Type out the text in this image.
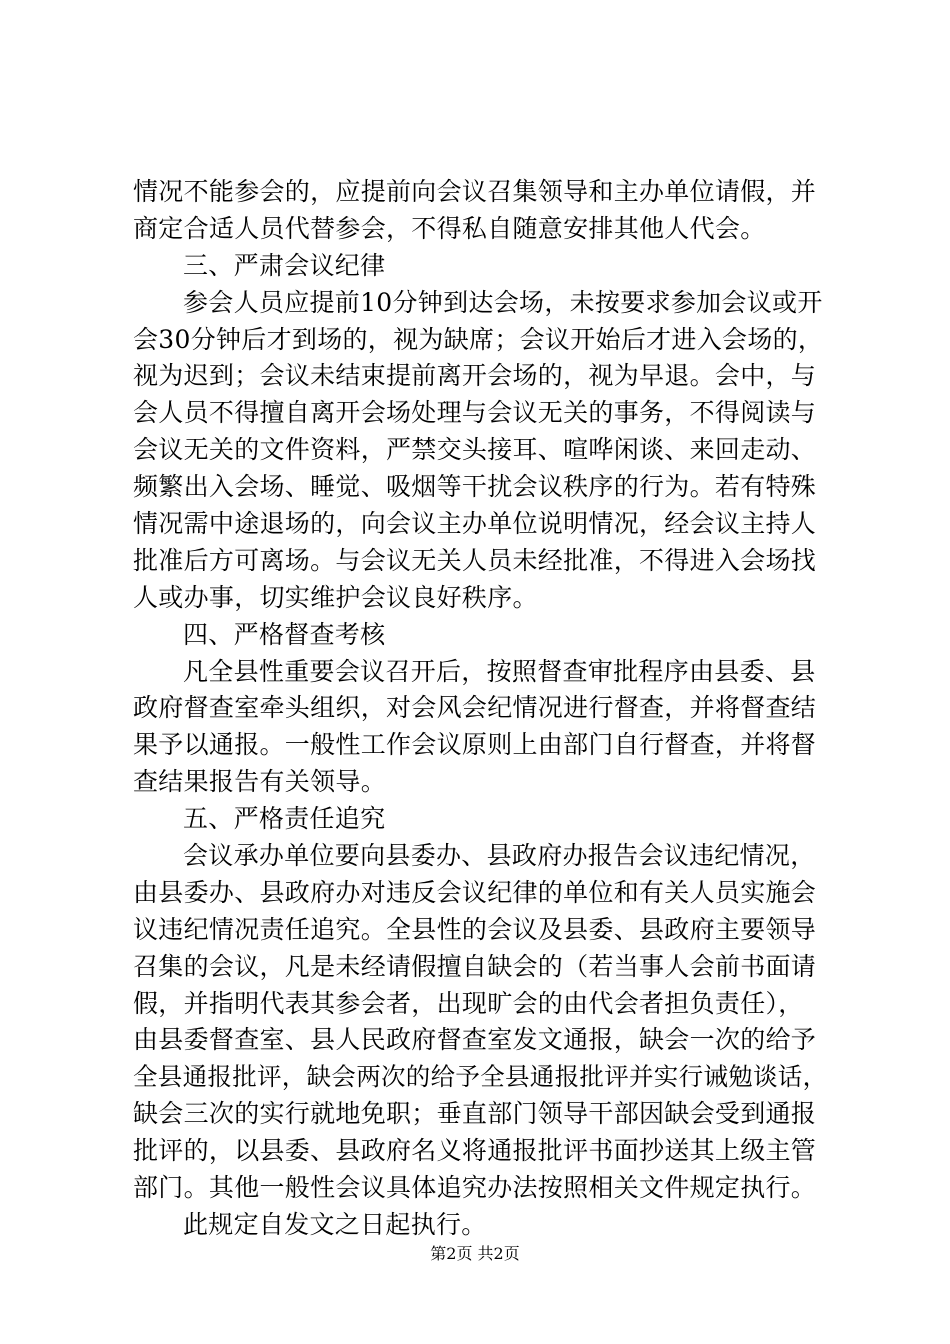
情况不能参会的，应提前向会议召集领导和主办单位请假，并
商定合适人员代替参会，不得私自随意安排其他人代会。
三、严肃会议纪律
参会人员应提前10分钟到达会场，未按要求参加会议或开
会30分钟后才到场的，视为缺席；会议开始后才进入会场的，
视为迟到；会议未结束提前离开会场的，视为早退。会中，与
会人员不得擅自离开会场处理与会议无关的事务，不得阅读与
会议无关的文件资料，严禁交头接耳、喧哗闲谈、来回走动、
频繁出入会场、睡觉、吸烟等干扰会议秩序的行为。若有特殊
情况需中途退场的，向会议主办单位说明情况，经会议主持人
批准后方可离场。与会议无关人员未经批准，不得进入会场找
人或办事，切实维护会议良好秩序。
四、严格督查考核
凡全县性重要会议召开后，按照督查审批程序由县委、县
政府督查室牵头组织，对会风会纪情况进行督查，并将督查结
果予以通报。一般性工作会议原则上由部门自行督查，并将督
查结果报告有关领导。
五、严格责任追究
会议承办单位要向县委办、县政府办报告会议违纪情况，
由县委办、县政府办对违反会议纪律的单位和有关人员实施会
议违纪情况责任追究。全县性的会议及县委、县政府主要领导
召集的会议，凡是未经请假擅自缺会的（若当事人会前书面请
假，并指明代表其参会者，出现旷会的由代会者担负责任），
由县委督查室、县人民政府督查室发文通报，缺会一次的给予
全县通报批评，缺会两次的给予全县通报批评并实行诫勉谈话，
缺会三次的实行就地免职；垂直部门领导干部因缺会受到通报
批评的，以县委、县政府名义将通报批评书面抄送其上级主管
部门。其他一般性会议具体追究办法按照相关文件规定执行。
此规定自发文之日起执行。
第2页 共2页
